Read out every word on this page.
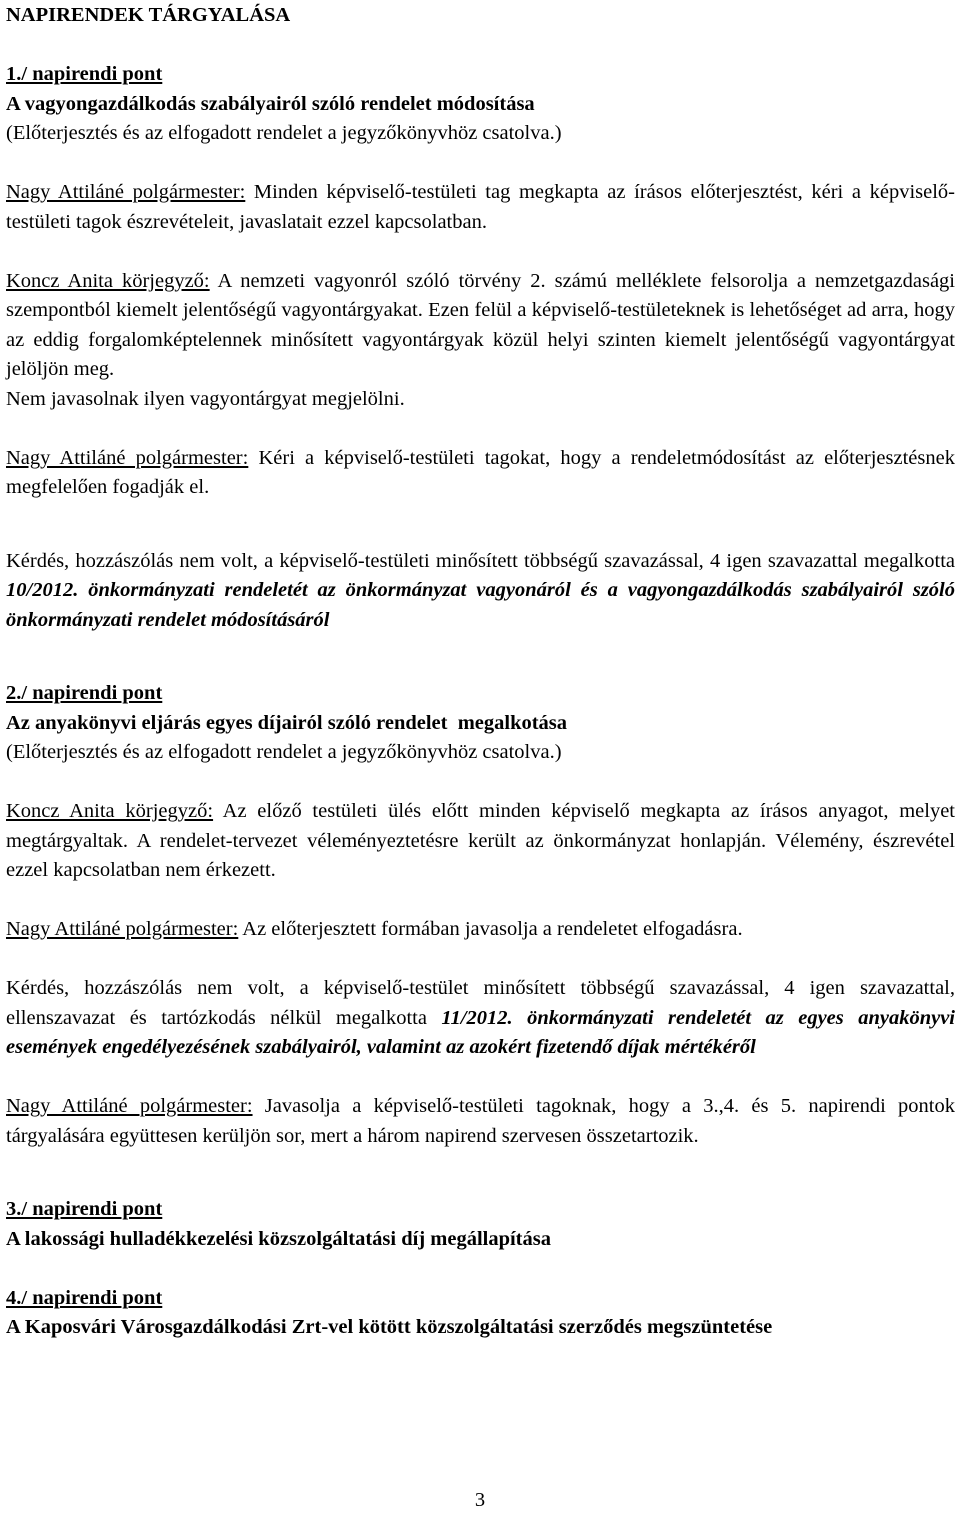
NAPIRENDEK TÁRGYALÁSA

1./ napirendi pont

A vagyongazdálkodás szabályairól szóló rendelet módosítása

(Előterjesztés és az elfogadott rendelet a jegyzőkönyvhöz csatolva.)

Nagy Attiláné polgármester: Minden képviselő-testületi tag megkapta az írásos előterjesztést, kéri a képviselő-testületi tagok észrevételeit, javaslatait ezzel kapcsolatban.

Koncz Anita körjegyző: A nemzeti vagyonról szóló törvény 2. számú melléklete felsorolja a nemzetgazdasági szempontból kiemelt jelentőségű vagyontárgyakat. Ezen felül a képviselő-testületeknek is lehetőséget ad arra, hogy az eddig forgalomképtelennek minősített vagyontárgyak közül helyi szinten kiemelt jelentőségű vagyontárgyat jelöljön meg.

Nem javasolnak ilyen vagyontárgyat megjelölni.

Nagy Attiláné polgármester: Kéri a képviselő-testületi tagokat, hogy a rendeletmódosítást az előterjesztésnek megfelelően fogadják el.

Kérdés, hozzászólás nem volt, a képviselő-testületi minősített többségű szavazással, 4 igen szavazattal megalkotta 10/2012. önkormányzati rendeletét az önkormányzat vagyonáról és a vagyongazdálkodás szabályairól szóló önkormányzati rendelet módosításáról

2./ napirendi pont

Az anyakönyvi eljárás egyes díjairól szóló rendelet  megalkotása

(Előterjesztés és az elfogadott rendelet a jegyzőkönyvhöz csatolva.)

Koncz Anita körjegyző: Az előző testületi ülés előtt minden képviselő megkapta az írásos anyagot, melyet megtárgyaltak. A rendelet-tervezet véleményeztetésre került az önkormányzat honlapján. Vélemény, észrevétel ezzel kapcsolatban nem érkezett.

Nagy Attiláné polgármester: Az előterjesztett formában javasolja a rendeletet elfogadásra.

Kérdés, hozzászólás nem volt, a képviselő-testület minősített többségű szavazással, 4 igen szavazattal, ellenszavazat és tartózkodás nélkül megalkotta 11/2012. önkormányzati rendeletét az egyes anyakönyvi események engedélyezésének szabályairól, valamint az azokért fizetendő díjak mértékéről

Nagy Attiláné polgármester: Javasolja a képviselő-testületi tagoknak, hogy a 3.,4. és 5. napirendi pontok tárgyalására együttesen kerüljön sor, mert a három napirend szervesen összetartozik.

3./ napirendi pont

A lakossági hulladékkezelési közszolgáltatási díj megállapítása

4./ napirendi pont

A Kaposvári Városgazdálkodási Zrt-vel kötött közszolgáltatási szerződés megszüntetése

3
